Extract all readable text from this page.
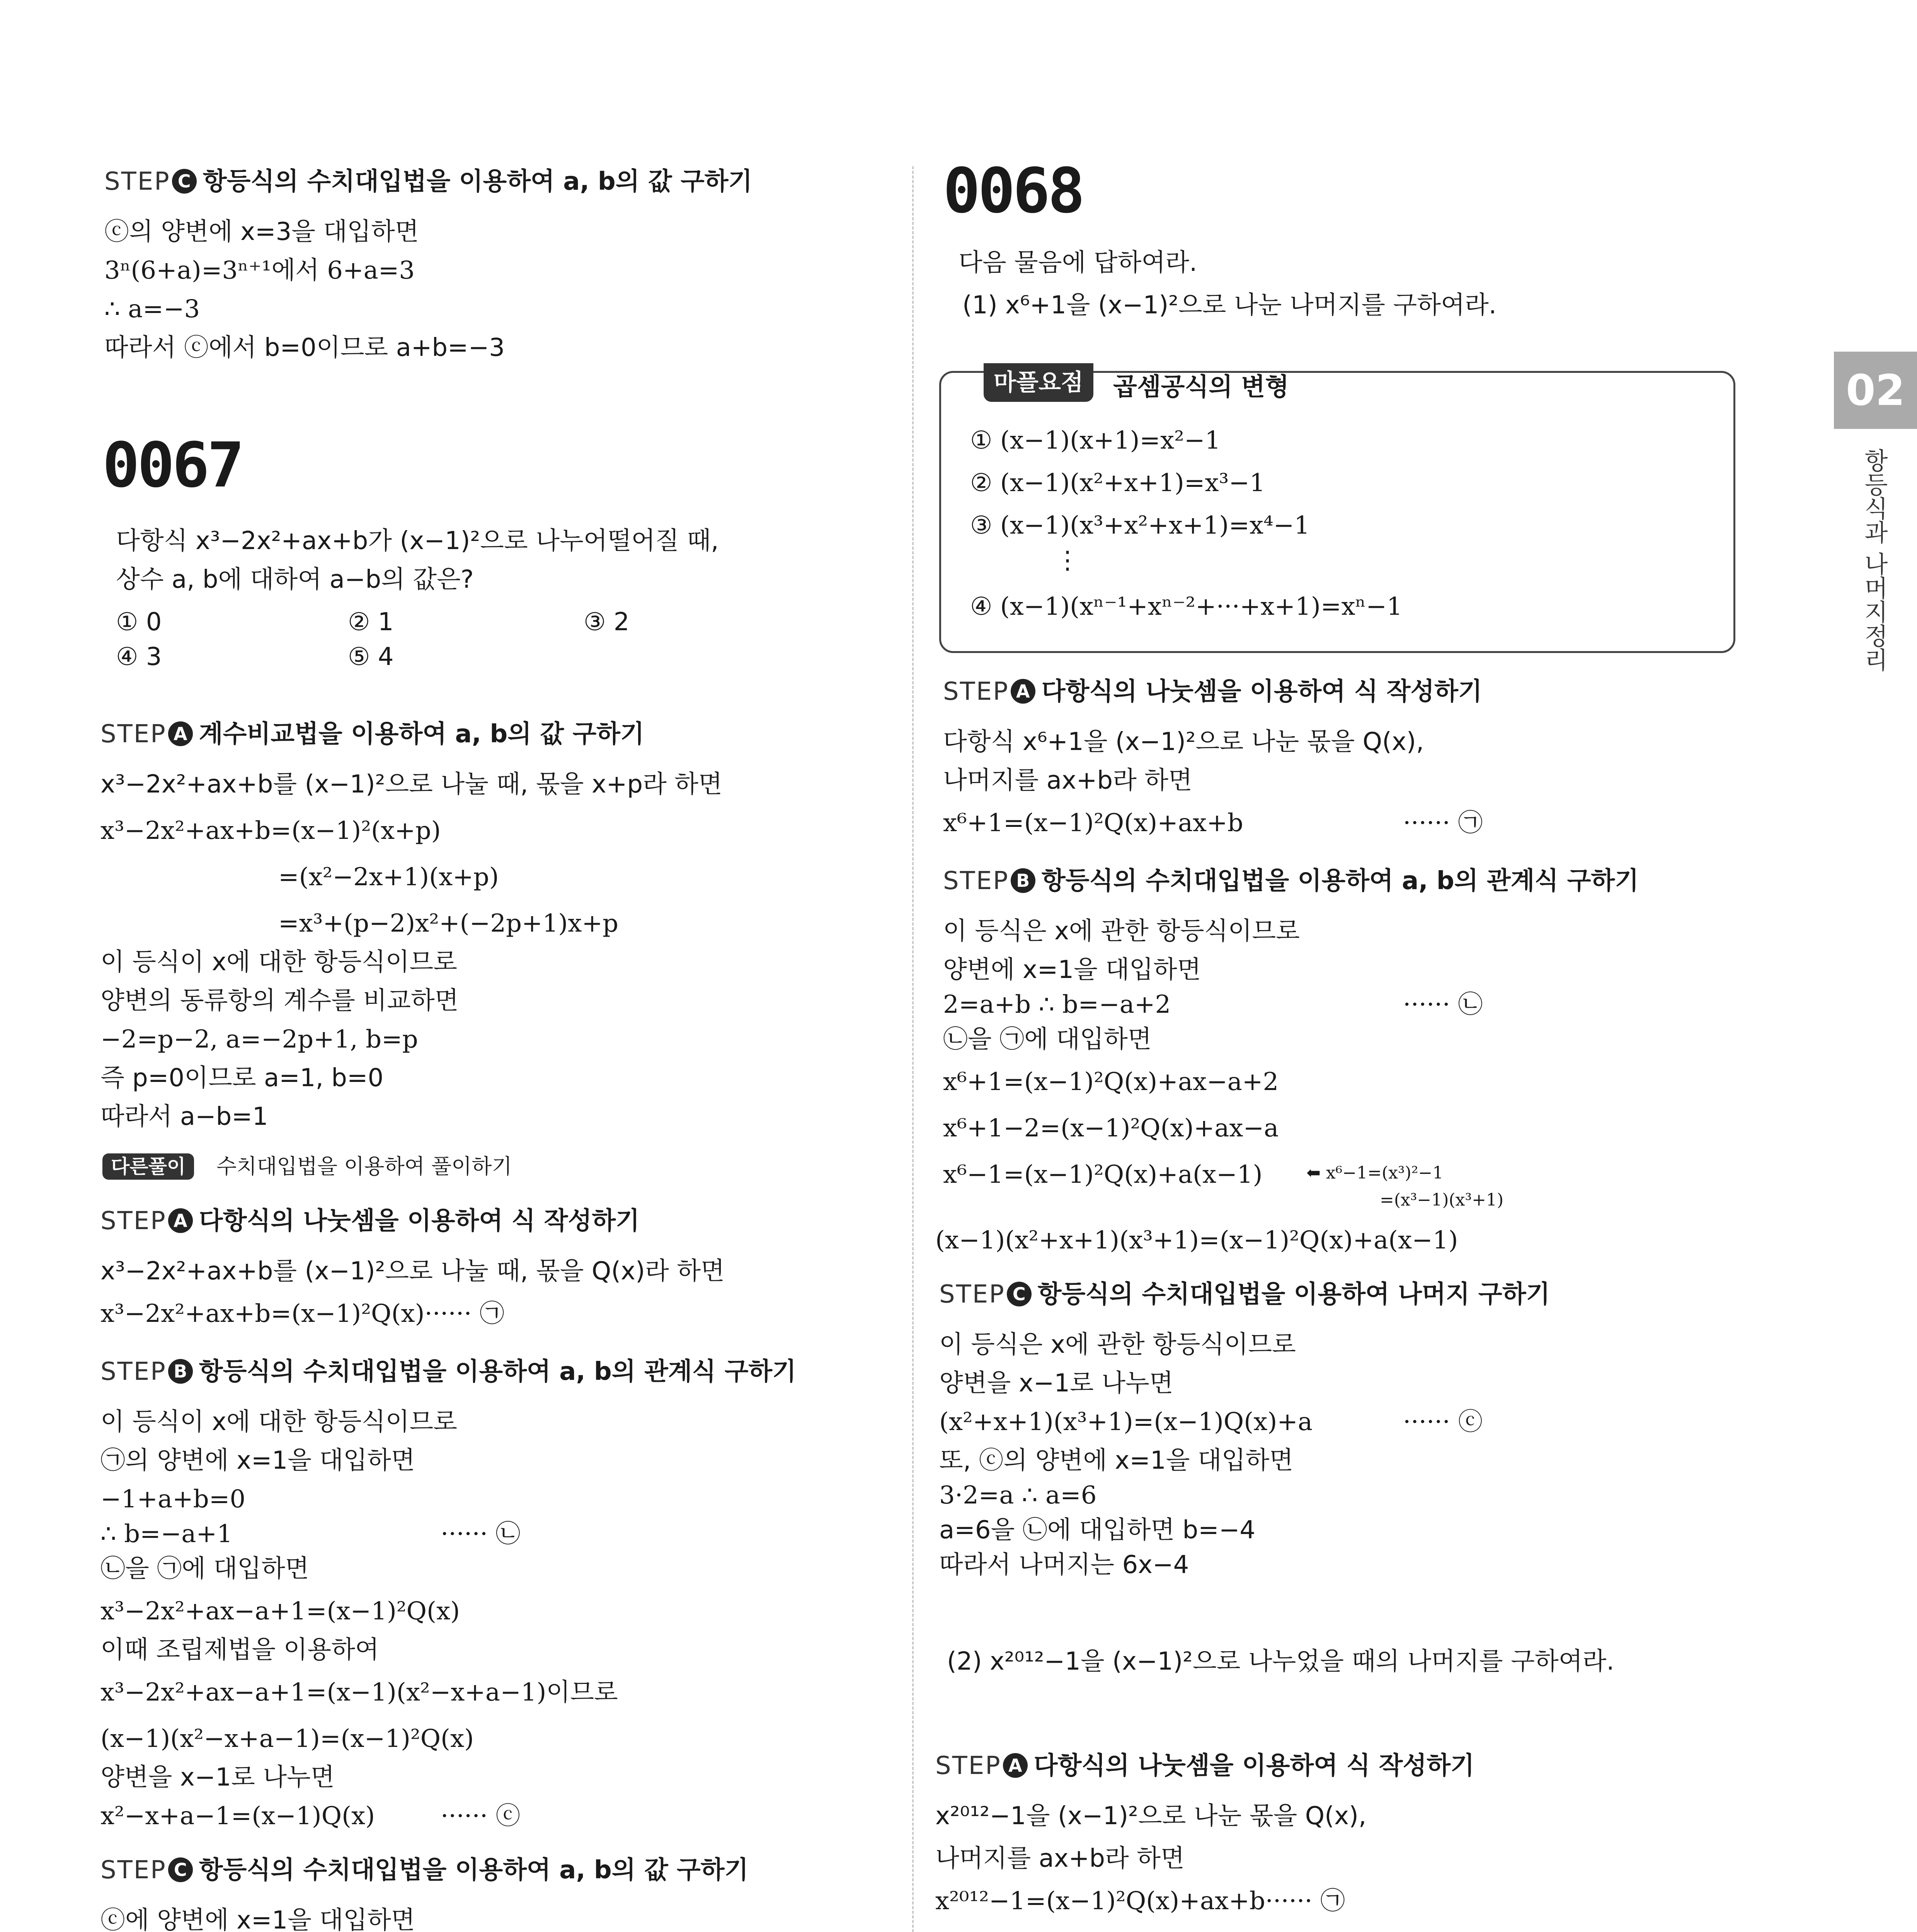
STEP C 항등식의 수치대입법을 이용하여 a, b의 값 구하기
ⓒ의 양변에 x=3을 대입하면
3ⁿ(6+a)=3ⁿ⁺¹에서 6+a=3
∴ a=−3
따라서 ⓒ에서 b=0이므로 a+b=−3
0067
다항식 x³−2x²+ax+b가 (x−1)²으로 나누어떨어질 때,
상수 a, b에 대하여 a−b의 값은?
① 0	② 1	③ 2
④ 3	⑤ 4
STEP A 계수비교법을 이용하여 a, b의 값 구하기
x³−2x²+ax+b를 (x−1)²으로 나눌 때, 몫을 x+p라 하면
x³−2x²+ax+b=(x−1)²(x+p)
=(x²−2x+1)(x+p)
=x³+(p−2)x²+(−2p+1)x+p
이 등식이 x에 대한 항등식이므로
양변의 동류항의 계수를 비교하면
−2=p−2, a=−2p+1, b=p
즉 p=0이므로 a=1, b=0
따라서 a−b=1
다른풀이	수치대입법을 이용하여 풀이하기
STEP A 다항식의 나눗셈을 이용하여 식 작성하기
x³−2x²+ax+b를 (x−1)²으로 나눌 때, 몫을 Q(x)라 하면
x³−2x²+ax+b=(x−1)²Q(x)······ ㉠
STEP B 항등식의 수치대입법을 이용하여 a, b의 관계식 구하기
이 등식이 x에 대한 항등식이므로
㉠의 양변에 x=1을 대입하면
−1+a+b=0
∴ b=−a+1	······ ㉡
㉡을 ㉠에 대입하면
x³−2x²+ax−a+1=(x−1)²Q(x)
이때 조립제법을 이용하여
x³−2x²+ax−a+1=(x−1)(x²−x+a−1)이므로
(x−1)(x²−x+a−1)=(x−1)²Q(x)
양변을 x−1로 나누면
x²−x+a−1=(x−1)Q(x)	······ ⓒ
STEP C 항등식의 수치대입법을 이용하여 a, b의 값 구하기
ⓒ에 양변에 x=1을 대입하면
0068
다음 물음에 답하여라.
(1) x⁶+1을 (x−1)²으로 나눈 나머지를 구하여라.
마플요점	곱셈공식의 변형
① (x−1)(x+1)=x²−1
② (x−1)(x²+x+1)=x³−1
③ (x−1)(x³+x²+x+1)=x⁴−1
⋮
④ (x−1)(xⁿ⁻¹+xⁿ⁻²+···+x+1)=xⁿ−1
STEP A 다항식의 나눗셈을 이용하여 식 작성하기
다항식 x⁶+1을 (x−1)²으로 나눈 몫을 Q(x),
나머지를 ax+b라 하면
x⁶+1=(x−1)²Q(x)+ax+b	······ ㉠
STEP B 항등식의 수치대입법을 이용하여 a, b의 관계식 구하기
이 등식은 x에 관한 항등식이므로
양변에 x=1을 대입하면
2=a+b ∴ b=−a+2	······ ㉡
㉡을 ㉠에 대입하면
x⁶+1=(x−1)²Q(x)+ax−a+2
x⁶+1−2=(x−1)²Q(x)+ax−a
x⁶−1=(x−1)²Q(x)+a(x−1)	⬅ x⁶−1=(x³)²−1
=(x³−1)(x³+1)
(x−1)(x²+x+1)(x³+1)=(x−1)²Q(x)+a(x−1)
STEP C 항등식의 수치대입법을 이용하여 나머지 구하기
이 등식은 x에 관한 항등식이므로
양변을 x−1로 나누면
(x²+x+1)(x³+1)=(x−1)Q(x)+a	······ ⓒ
또, ⓒ의 양변에 x=1을 대입하면
3·2=a ∴ a=6
a=6을 ㉡에 대입하면 b=−4
따라서 나머지는 6x−4
(2) x²⁰¹²−1을 (x−1)²으로 나누었을 때의 나머지를 구하여라.
STEP A 다항식의 나눗셈을 이용하여 식 작성하기
x²⁰¹²−1을 (x−1)²으로 나눈 몫을 Q(x),
나머지를 ax+b라 하면
x²⁰¹²−1=(x−1)²Q(x)+ax+b······ ㉠
02
항등식과 나머지정리
